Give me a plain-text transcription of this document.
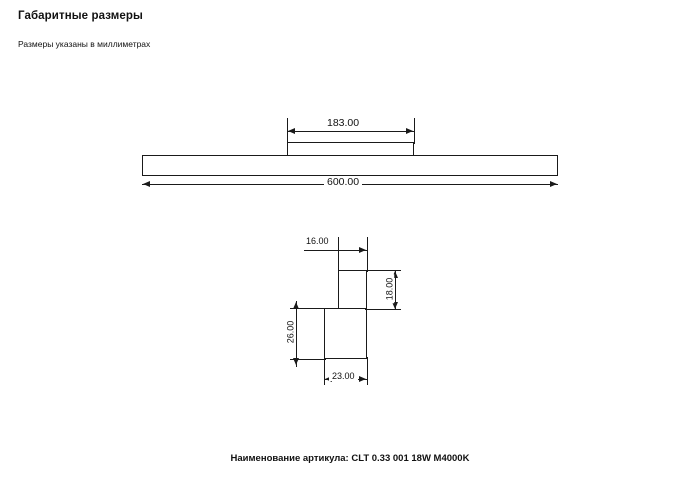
Габаритные размеры
Размеры указаны в миллиметрах
183.00
600.00
16.00
18.00
26.00
23.00
Наименование артикула: CLT 0.33 001 18W M4000K
